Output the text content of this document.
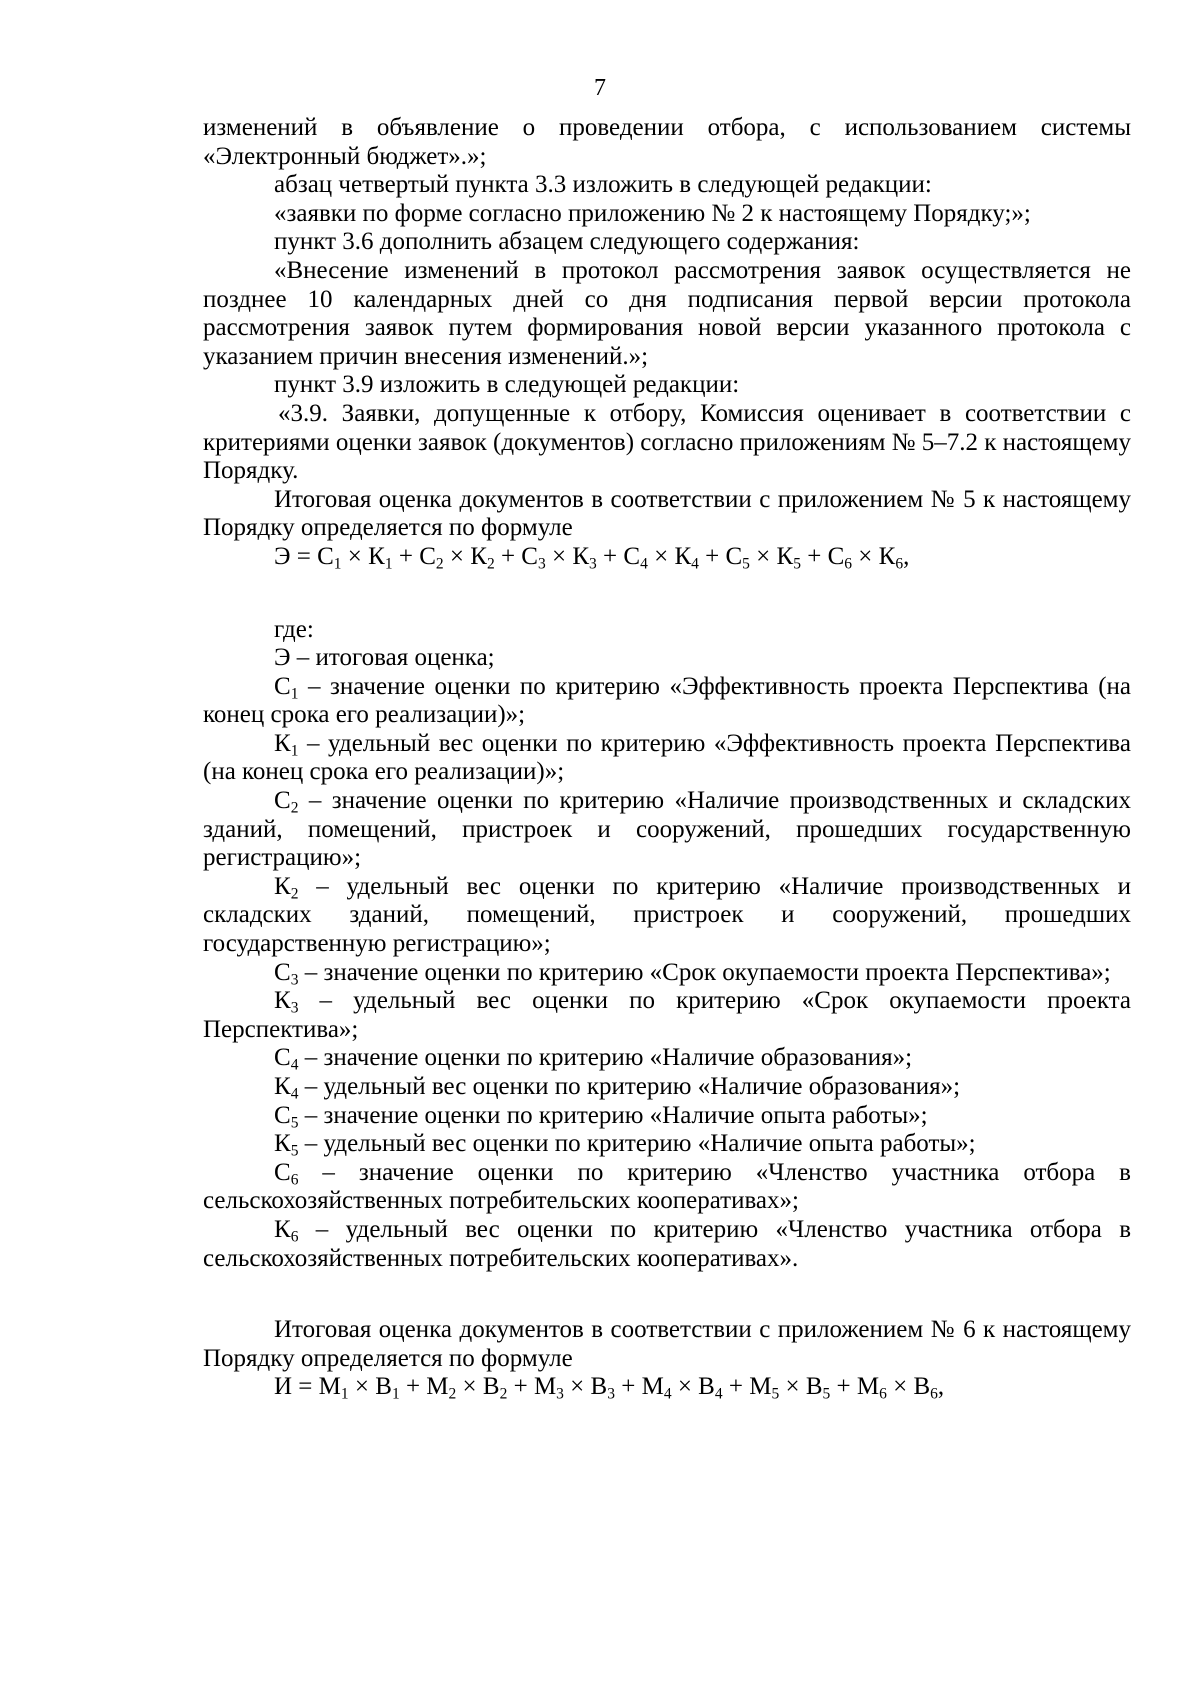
7

изменений в объявление о проведении отбора, с использованием системы «Электронный бюджет».»;

абзац четвертый пункта 3.3 изложить в следующей редакции:

«заявки по форме согласно приложению № 2 к настоящему Порядку;»;

пункт 3.6 дополнить абзацем следующего содержания:

«Внесение изменений в протокол рассмотрения заявок осуществляется не позднее 10 календарных дней со дня подписания первой версии протокола рассмотрения заявок путем формирования новой версии указанного протокола с указанием причин внесения изменений.»;

пункт 3.9 изложить в следующей редакции:

«3.9. Заявки, допущенные к отбору, Комиссия оценивает в соответствии с критериями оценки заявок (документов) согласно приложениям № 5–7.2 к настоящему Порядку.

Итоговая оценка документов в соответствии с приложением № 5 к настоящему Порядку определяется по формуле

$Э = С_1 \times К_1 + С_2 \times К_2 + С_3 \times К_3 + С_4 \times К_4 + С_5 \times К_5 + С_6 \times К_6$,

где:

Э – итоговая оценка;

$С_1$ – значение оценки по критерию «Эффективность проекта Перспектива (на конец срока его реализации)»;

$К_1$ – удельный вес оценки по критерию «Эффективность проекта Перспектива (на конец срока его реализации)»;

$С_2$ – значение оценки по критерию «Наличие производственных и складских зданий, помещений, пристроек и сооружений, прошедших государственную регистрацию»;

$К_2$ – удельный вес оценки по критерию «Наличие производственных и складских зданий, помещений, пристроек и сооружений, прошедших государственную регистрацию»;

$С_3$ – значение оценки по критерию «Срок окупаемости проекта Перспектива»;

$К_3$ – удельный вес оценки по критерию «Срок окупаемости проекта Перспектива»;

$С_4$ – значение оценки по критерию «Наличие образования»;

$К_4$ – удельный вес оценки по критерию «Наличие образования»;

$С_5$ – значение оценки по критерию «Наличие опыта работы»;

$К_5$ – удельный вес оценки по критерию «Наличие опыта работы»;

$С_6$ – значение оценки по критерию «Членство участника отбора в сельскохозяйственных потребительских кооперативах»;

$К_6$ – удельный вес оценки по критерию «Членство участника отбора в сельскохозяйственных потребительских кооперативах».

Итоговая оценка документов в соответствии с приложением № 6 к настоящему Порядку определяется по формуле

$И = М_1 \times В_1 + М_2 \times В_2 + М_3 \times В_3 + М_4 \times В_4 + М_5 \times В_5 + М_6 \times В_6$,
